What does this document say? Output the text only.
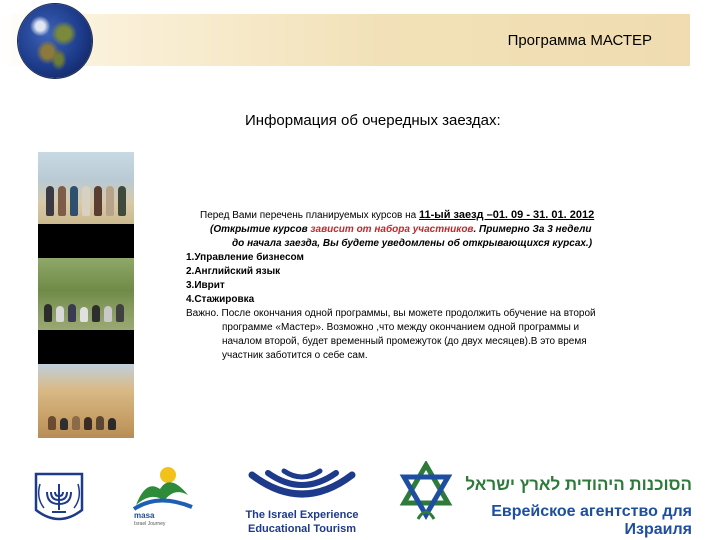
Программа МАСТЕР
Информация об очередных заездах:
Перед Вами перечень планируемых курсов на 11-ый заезд –01. 09 - 31. 01. 2012
(Открытие курсов зависит от набора участников. Примерно За 3 недели
до начала заезда, Вы будете уведомлены об открывающихся курсах.)
1.Управление бизнесом
2.Английский язык
3.Иврит
4.Стажировка
Важно. После окончания одной программы, вы можете продолжить обучение на второй
программе «Мастер». Возможно ,что между окончанием одной программы и
началом второй, будет временный промежуток (до двух месяцев).В это время
участник заботится о себе сам.
masa
Israel Journey
The Israel Experience
Educational Tourism
הסוכנות היהודית לארץ ישראל
Еврейское агентство для Израиля
